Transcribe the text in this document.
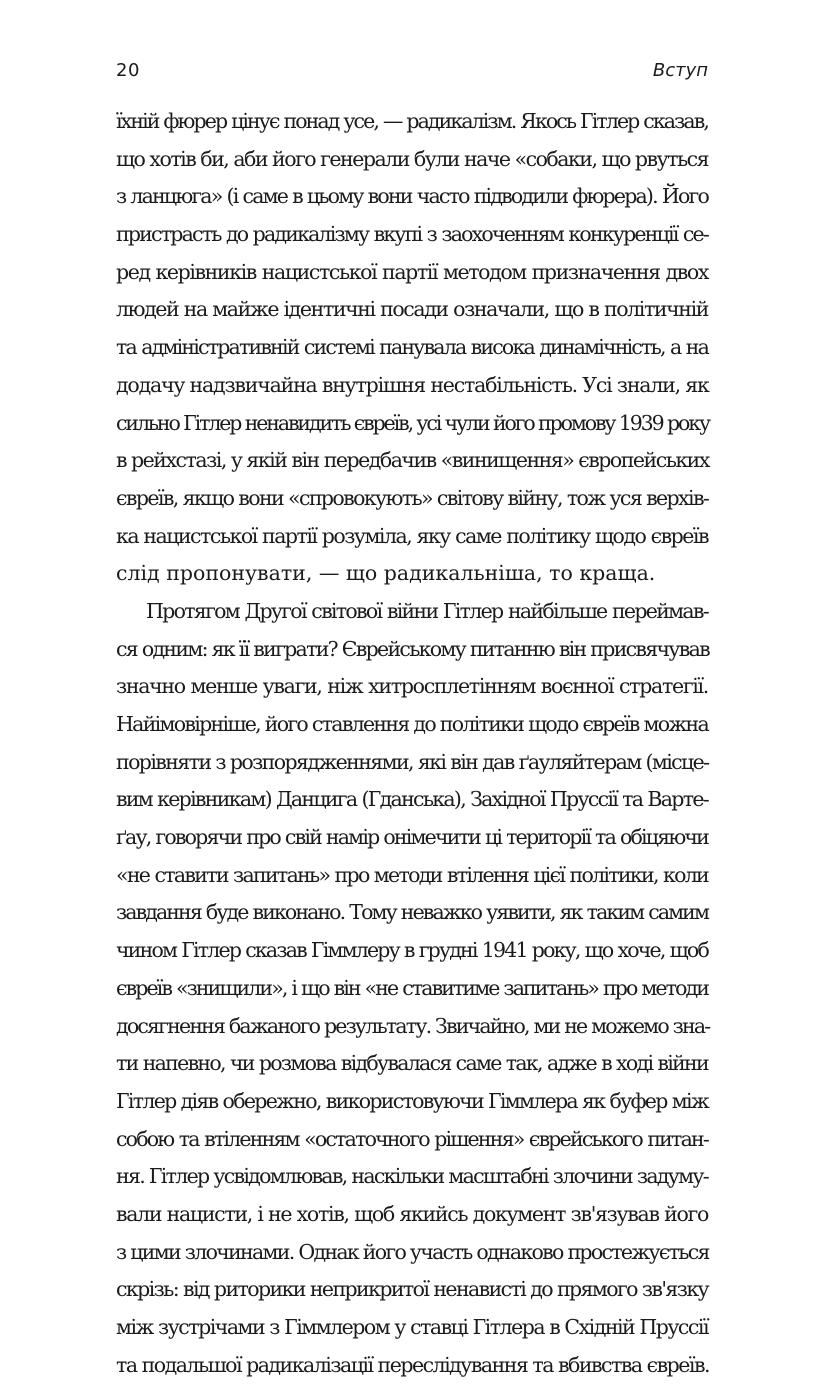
20	Вступ
їхній фюрер цінує понад усе, — радикалізм. Якось Гітлер сказав,
що хотів би, аби його генерали були наче «собаки, що рвуться
з ланцюга» (і саме в цьому вони часто підводили фюрера). Його
пристрасть до радикалізму вкупі з заохоченням конкуренції се-
ред керівників нацистської партії методом призначення двох
людей на майже ідентичні посади означали, що в політичній
та адміністративній системі панувала висока динамічність, а на
додачу надзвичайна внутрішня нестабільність. Усі знали, як
сильно Гітлер ненавидить євреїв, усі чули його промову 1939 року
в рейхстазі, у якій він передбачив «винищення» європейських
євреїв, якщо вони «спровокують» світову війну, тож уся верхів-
ка нацистської партії розуміла, яку саме політику щодо євреїв
слід пропонувати, — що радикальніша, то краща.
Протягом Другої світової війни Гітлер найбільше переймав-
ся одним: як її виграти? Єврейському питанню він присвячував
значно менше уваги, ніж хитросплетінням воєнної стратегії.
Найімовірніше, його ставлення до політики щодо євреїв можна
порівняти з розпорядженнями, які він дав ґауляйтерам (місце-
вим керівникам) Данцига (Гданська), Західної Пруссії та Варте-
ґау, говорячи про свій намір онімечити ці території та обіцяючи
«не ставити запитань» про методи втілення цієї політики, коли
завдання буде виконано. Тому неважко уявити, як таким самим
чином Гітлер сказав Гіммлеру в грудні 1941 року, що хоче, щоб
євреїв «знищили», і що він «не ставитиме запитань» про методи
досягнення бажаного результату. Звичайно, ми не можемо зна-
ти напевно, чи розмова відбувалася саме так, адже в ході війни
Гітлер діяв обережно, використовуючи Гіммлера як буфер між
собою та втіленням «остаточного рішення» єврейського питан-
ня. Гітлер усвідомлював, наскільки масштабні злочини задуму-
вали нацисти, і не хотів, щоб якийсь документ зв'язував його
з цими злочинами. Однак його участь однаково простежується
скрізь: від риторики неприкритої ненависті до прямого зв'язку
між зустрічами з Гіммлером у ставці Гітлера в Східній Пруссії
та подальшої радикалізації переслідування та вбивства євреїв.
